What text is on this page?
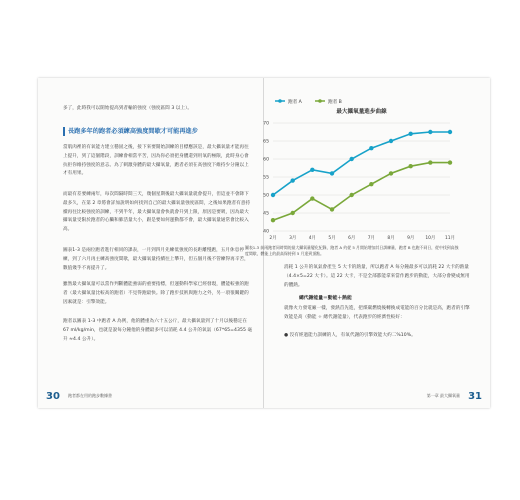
多了，此時我可以開始提高到者輸的強度（強度區間 3 以上）。

長跑多年的跑者必須練高強度間歇才可能再進步

當肌肉裡的有氧能力建立穩固之後，接下來要開始訓練的目標應該是，最大攝氧量才能再往上提升，到了這個階段，訓練會相當平苦，因為你必須把身體還到用氧的極限，此時身心會抗拒你維持強度的意志。為了刺激身體的最大攝氧量，跑者必須在高強度下維持少分鐘以上才有用果。

而最有差要練兩年，每次間隔時間三天，幾個星期後最大攝氧量就會提升，但這並不會降下最多久，在第 2 章將會詳加說明如何找到自己的最大攝氧量強度區間，之後如果跑者有意持續再往比較強度的訓練，不到半年，最大攝氧量會快就會升到上限，原因是要吸，因為最大攝氧量受限於跑者的心臟和肺活量大小，跟是要如何運動都不會，最大攝氧量通常會比較入高。

圖表1-3 是兩位跑者進行相同的課表，一月到四月先練低強度的長距離慢跑，五月休息停練，到了六月再主練高強度間歇，最大攝氧量持續往上攀升，但五個月後不管練得再辛苦，數值幾乎不再提升了。

雖然最大攝氧量可以當作判斷體能強弱的重要指標，但運動科學家已經發現，體能較強的跑者（最大攝氧量比較高的跑者）不見得跑最快。除了跑步技術與跑力之外，另一項很關鍵的因素就是：引擎效能。

跑者以圖表 1-3 中跑者 A 為例，他的體重為六十五公斤，最大攝氧量到了十月以後穩定在 67 ml/kg/min，也就是說每分鐘他的身體最多可以消耗 4.4 公升的氧氣（67*65=4355 毫升 ≈4.4 公升）。

30 跑者都在用的跑步數據書

消耗 1 公升的氧氣會產生 5 大卡的熱量，所以跑者 A 每分鐘最多可以消耗 22 大卡的熱量（4.4×5=22 大卡）。這 22 大卡，不是全部都能拿來當作跑步的動能，大部分會變成無用的體熱。

總代謝能量＝動能＋熱能

就像火力發電廠一樣，發熱首先進，把煤碳燃燒後轉換成電能的百分比就是高，跑者的引擎效能是高（動能 ÷ 總代謝能量），代表跑步的經濟性較好：

● 沒有經過能力訓練的人，有氧代謝的引擎效能大約二%10%。

第一章 最大攝氧量 31
最大攝氧量進步曲線
跑者 A	跑者 B
40
45
50
55
60
65
70
2月	3月	4月	5月	6月	7月	8月	9月	10月 11月

圖表1-3 前兩跑者同時間的最大攝氧量變化紀錄，跑者 A 約從 5 月開始增加其日訓練量，跑者 B 也跑不同日，從中找到高強度間歇，體能上的最高保持到 5 月達到頂點。
